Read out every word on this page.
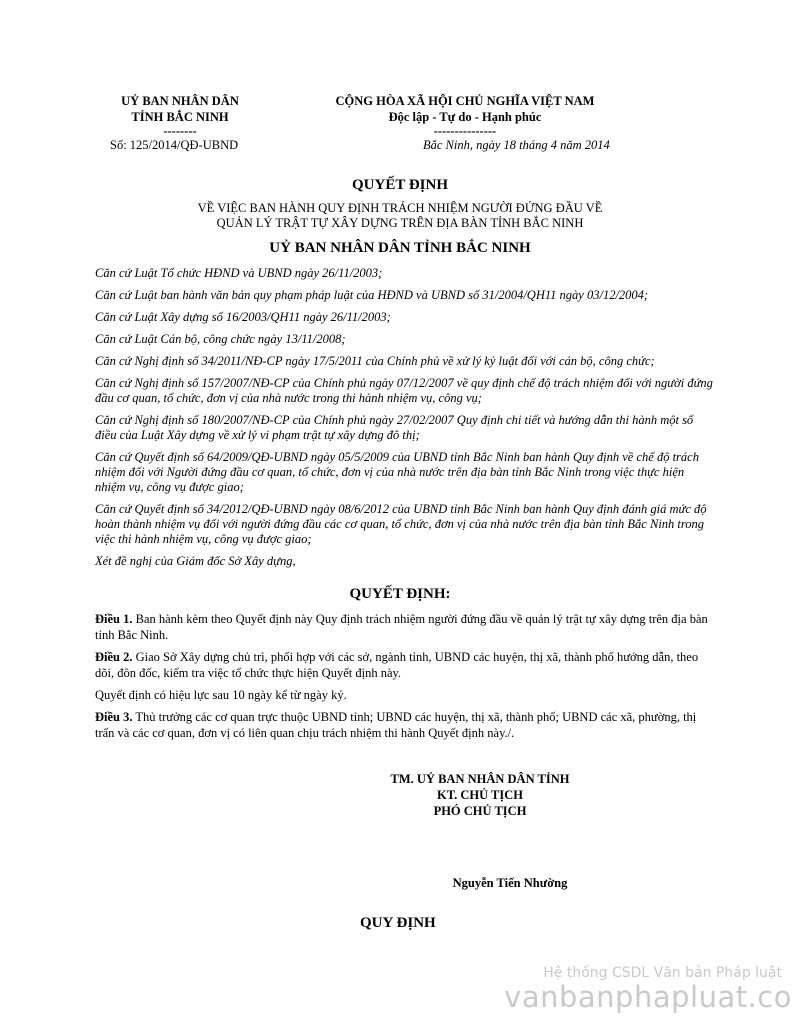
UỶ BAN NHÂN DÂN
TỈNH BẮC NINH
--------
Số: 125/2014/QĐ-UBND
CỘNG HÒA XÃ HỘI CHỦ NGHĨA VIỆT NAM
Độc lập - Tự do - Hạnh phúc
---------------
Bắc Ninh, ngày 18 tháng 4 năm 2014
QUYẾT ĐỊNH
VỀ VIỆC BAN HÀNH QUY ĐỊNH TRÁCH NHIỆM NGƯỜI ĐỨNG ĐẦU VỀ QUẢN LÝ TRẬT TỰ XÂY DỰNG TRÊN ĐỊA BÀN TỈNH BẮC NINH
UỶ BAN NHÂN DÂN TỈNH BẮC NINH

Căn cứ Luật Tổ chức HĐND và UBND ngày 26/11/2003;

Căn cứ Luật ban hành văn bản quy phạm pháp luật của HĐND và UBND số 31/2004/QH11 ngày 03/12/2004;

Căn cứ Luật Xây dựng số 16/2003/QH11 ngày 26/11/2003;

Căn cứ Luật Cán bộ, công chức ngày 13/11/2008;

Căn cứ Nghị định số 34/2011/NĐ-CP ngày 17/5/2011 của Chính phủ về xử lý kỷ luật đối với cán bộ, công chức;

Căn cứ Nghị định số 157/2007/NĐ-CP của Chính phủ ngày 07/12/2007 về quy định chế độ trách nhiệm đối với người đứng đầu cơ quan, tổ chức, đơn vị của nhà nước trong thi hành nhiệm vụ, công vụ;

Căn cứ Nghị định số 180/2007/NĐ-CP của Chính phủ ngày 27/02/2007 Quy định chi tiết và hướng dẫn thi hành một số điều của Luật Xây dựng về xử lý vi phạm trật tự xây dựng đô thị;

Căn cứ Quyết định số 64/2009/QĐ-UBND ngày 05/5/2009 của UBND tỉnh Bắc Ninh ban hành Quy định về chế độ trách nhiệm đối với Người đứng đầu cơ quan, tổ chức, đơn vị của nhà nước trên địa bàn tỉnh Bắc Ninh trong việc thực hiện nhiệm vụ, công vụ được giao;

Căn cứ Quyết định số 34/2012/QĐ-UBND ngày 08/6/2012 của UBND tỉnh Bắc Ninh ban hành Quy định đánh giá mức độ hoàn thành nhiệm vụ đối với người đứng đầu các cơ quan, tổ chức, đơn vị của nhà nước trên địa bàn tỉnh Bắc Ninh trong việc thi hành nhiệm vụ, công vụ được giao;

Xét đề nghị của Giám đốc Sở Xây dựng,

QUYẾT ĐỊNH:

Điều 1. Ban hành kèm theo Quyết định này Quy định trách nhiệm người đứng đầu về quản lý trật tự xây dựng trên địa bàn tỉnh Bắc Ninh.

Điều 2. Giao Sở Xây dựng chủ trì, phối hợp với các sở, ngành tỉnh, UBND các huyện, thị xã, thành phố hướng dẫn, theo dõi, đôn đốc, kiểm tra việc tổ chức thực hiện Quyết định này.

Quyết định có hiệu lực sau 10 ngày kể từ ngày ký.

Điều 3. Thủ trưởng các cơ quan trực thuộc UBND tỉnh; UBND các huyện, thị xã, thành phố; UBND các xã, phường, thị trấn và các cơ quan, đơn vị có liên quan chịu trách nhiệm thi hành Quyết định này./.

TM. UỶ BAN NHÂN DÂN TỈNH
KT. CHỦ TỊCH
PHÓ CHỦ TỊCH
Nguyễn Tiến Nhường
QUY ĐỊNH
Hệ thống CSDL Văn bản Pháp luật
vanbanphapluat.co
